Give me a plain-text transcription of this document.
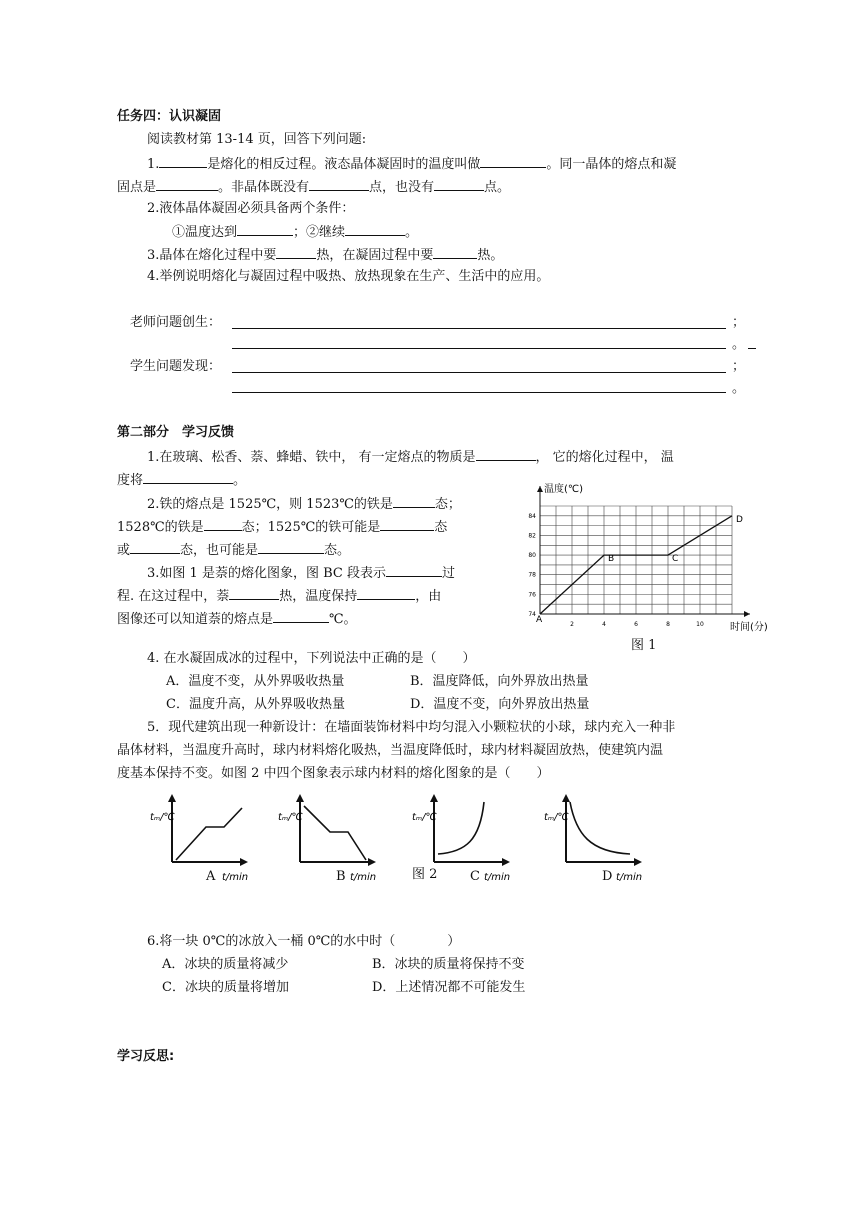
任务四：认识凝固
阅读教材第 13-14 页，回答下列问题:
1.	是熔化的相反过程。液态晶体凝固时的温度叫做	。同一晶体的熔点和凝
固点是	。非晶体既没有	点，也没有	点。
2.液体晶体凝固必须具备两个条件：
①温度达到	；②继续	。
3.晶体在熔化过程中要	热，在凝固过程中要	热。
4.举例说明熔化与凝固过程中吸热、放热现象在生产、生活中的应用。
老师问题创生：	；
。
学生问题发现：	；
。
第二部分　学习反馈
1.在玻璃、松香、萘、蜂蜡、铁中， 有一定熔点的物质是	， 它的熔化过程中， 温
度将	。
2.铁的熔点是 1525℃，则 1523℃的铁是	态；
1528℃的铁是	态；1525℃的铁可能是	态
或	态，也可能是	态。
3.如图 1 是萘的熔化图象，图 BC 段表示	过
程. 在这过程中，萘	热，温度保持	，由
图像还可以知道萘的熔点是	℃。
温度(℃)
时间(分)
2	4	6	8	10
74
76
78
80
82
84
A
B	C
D
图 1
4. 在水凝固成冰的过程中，下列说法中正确的是（　　）
A．温度不变，从外界吸收热量	B．温度降低，向外界放出热量
C．温度升高，从外界吸收热量	D．温度不变，向外界放出热量
5．现代建筑出现一种新设计：在墙面装饰材料中均匀混入小颗粒状的小球，球内充入一种非
晶体材料，当温度升高时，球内材料熔化吸热，当温度降低时，球内材料凝固放热，使建筑内温
度基本保持不变。如图 2 中四个图象表示球内材料的熔化图象的是（　　）
tₘ/℃
t/min
tₘ/℃
t/min
tₘ/℃
t/min
tₘ/℃
t/min
图 2
A	B	C	D
6.将一块 0℃的冰放入一桶 0℃的水中时（　　　　）
A．冰块的质量将减少	B．冰块的质量将保持不变
C．冰块的质量将增加	D．上述情况都不可能发生
学习反思:
